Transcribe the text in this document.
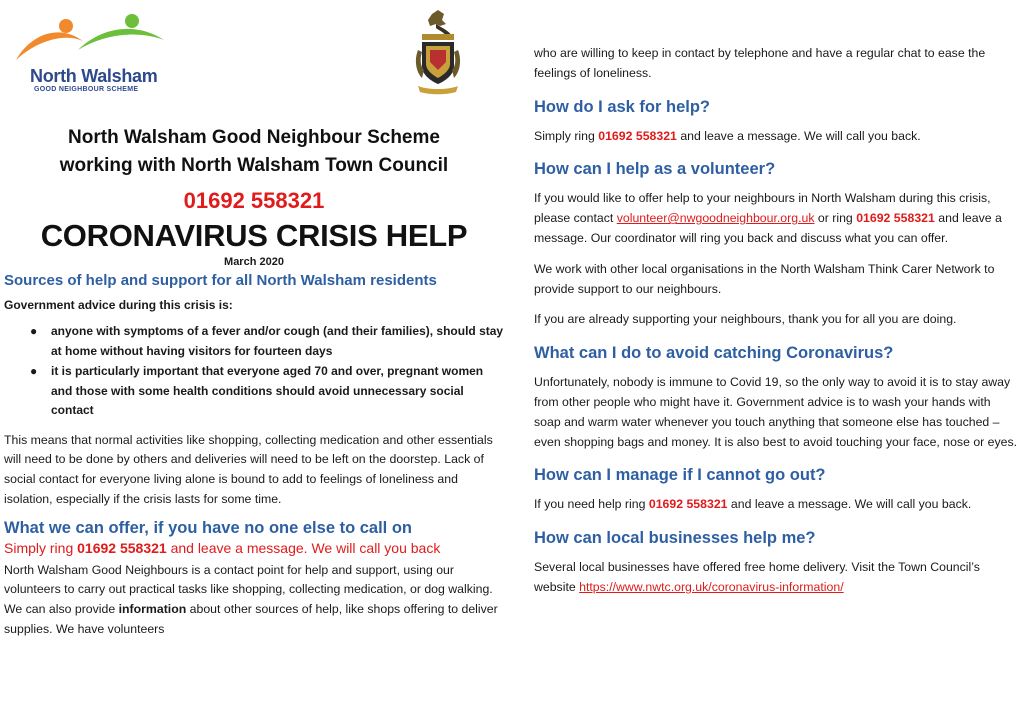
North Walsham
GOOD NEIGHBOUR SCHEME
North Walsham Good Neighbour Scheme
working with North Walsham Town Council
01692 558321
CORONAVIRUS CRISIS HELP
March 2020
Sources of help and support for all North Walsham residents
Government advice during this crisis is:
● anyone with symptoms of a fever and/or cough (and their families), should stay at home without having visitors for fourteen days
● it is particularly important that everyone aged 70 and over, pregnant women and those with some health conditions should avoid unnecessary social contact

This means that normal activities like shopping, collecting medication and other essentials will need to be done by others and deliveries will need to be left on the doorstep. Lack of social contact for everyone living alone is bound to add to feelings of loneliness and isolation, especially if the crisis lasts for some time.

What we can offer, if you have no one else to call on
Simply ring 01692 558321 and leave a message. We will call you back

North Walsham Good Neighbours is a contact point for help and support, using our volunteers to carry out practical tasks like shopping, collecting medication, or dog walking. We can also provide information about other sources of help, like shops offering to deliver supplies. We have volunteers

who are willing to keep in contact by telephone and have a regular chat to ease the feelings of loneliness.

How do I ask for help?

Simply ring 01692 558321 and leave a message. We will call you back.

How can I help as a volunteer?

If you would like to offer help to your neighbours in North Walsham during this crisis, please contact volunteer@nwgoodneighbour.org.uk or ring 01692 558321 and leave a message. Our coordinator will ring you back and discuss what you can offer.

We work with other local organisations in the North Walsham Think Carer Network to provide support to our neighbours.

If you are already supporting your neighbours, thank you for all you are doing.

What can I do to avoid catching Coronavirus?

Unfortunately, nobody is immune to Covid 19, so the only way to avoid it is to stay away from other people who might have it. Government advice is to wash your hands with soap and warm water whenever you touch anything that someone else has touched – even shopping bags and money. It is also best to avoid touching your face, nose or eyes.

How can I manage if I cannot go out?

If you need help ring 01692 558321 and leave a message. We will call you back.

How can local businesses help me?

Several local businesses have offered free home delivery. Visit the Town Council’s website https://www.nwtc.org.uk/coronavirus-information/
